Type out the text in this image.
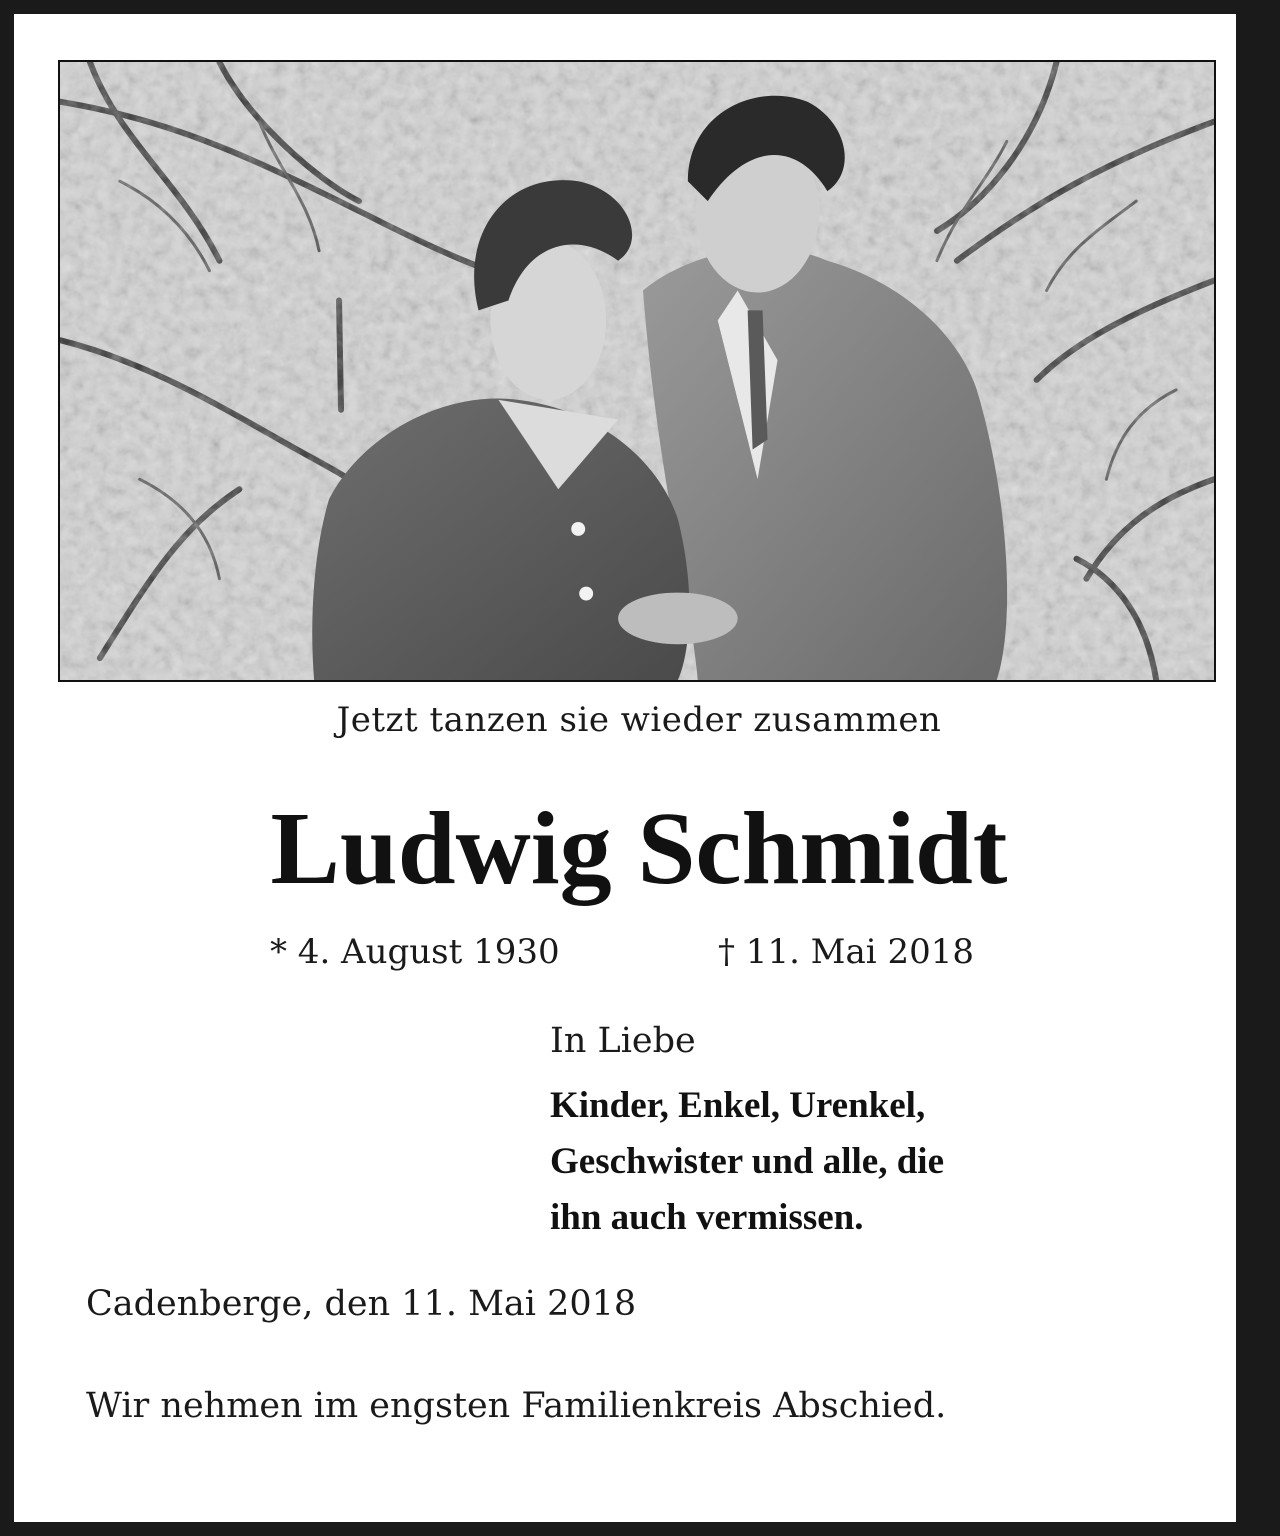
Jetzt tanzen sie wieder zusammen
Ludwig Schmidt
* 4. August 1930	† 11. Mai 2018
In Liebe
Kinder, Enkel, Urenkel,
Geschwister und alle, die
ihn auch vermissen.
Cadenberge, den 11. Mai 2018
Wir nehmen im engsten Familienkreis Abschied.
